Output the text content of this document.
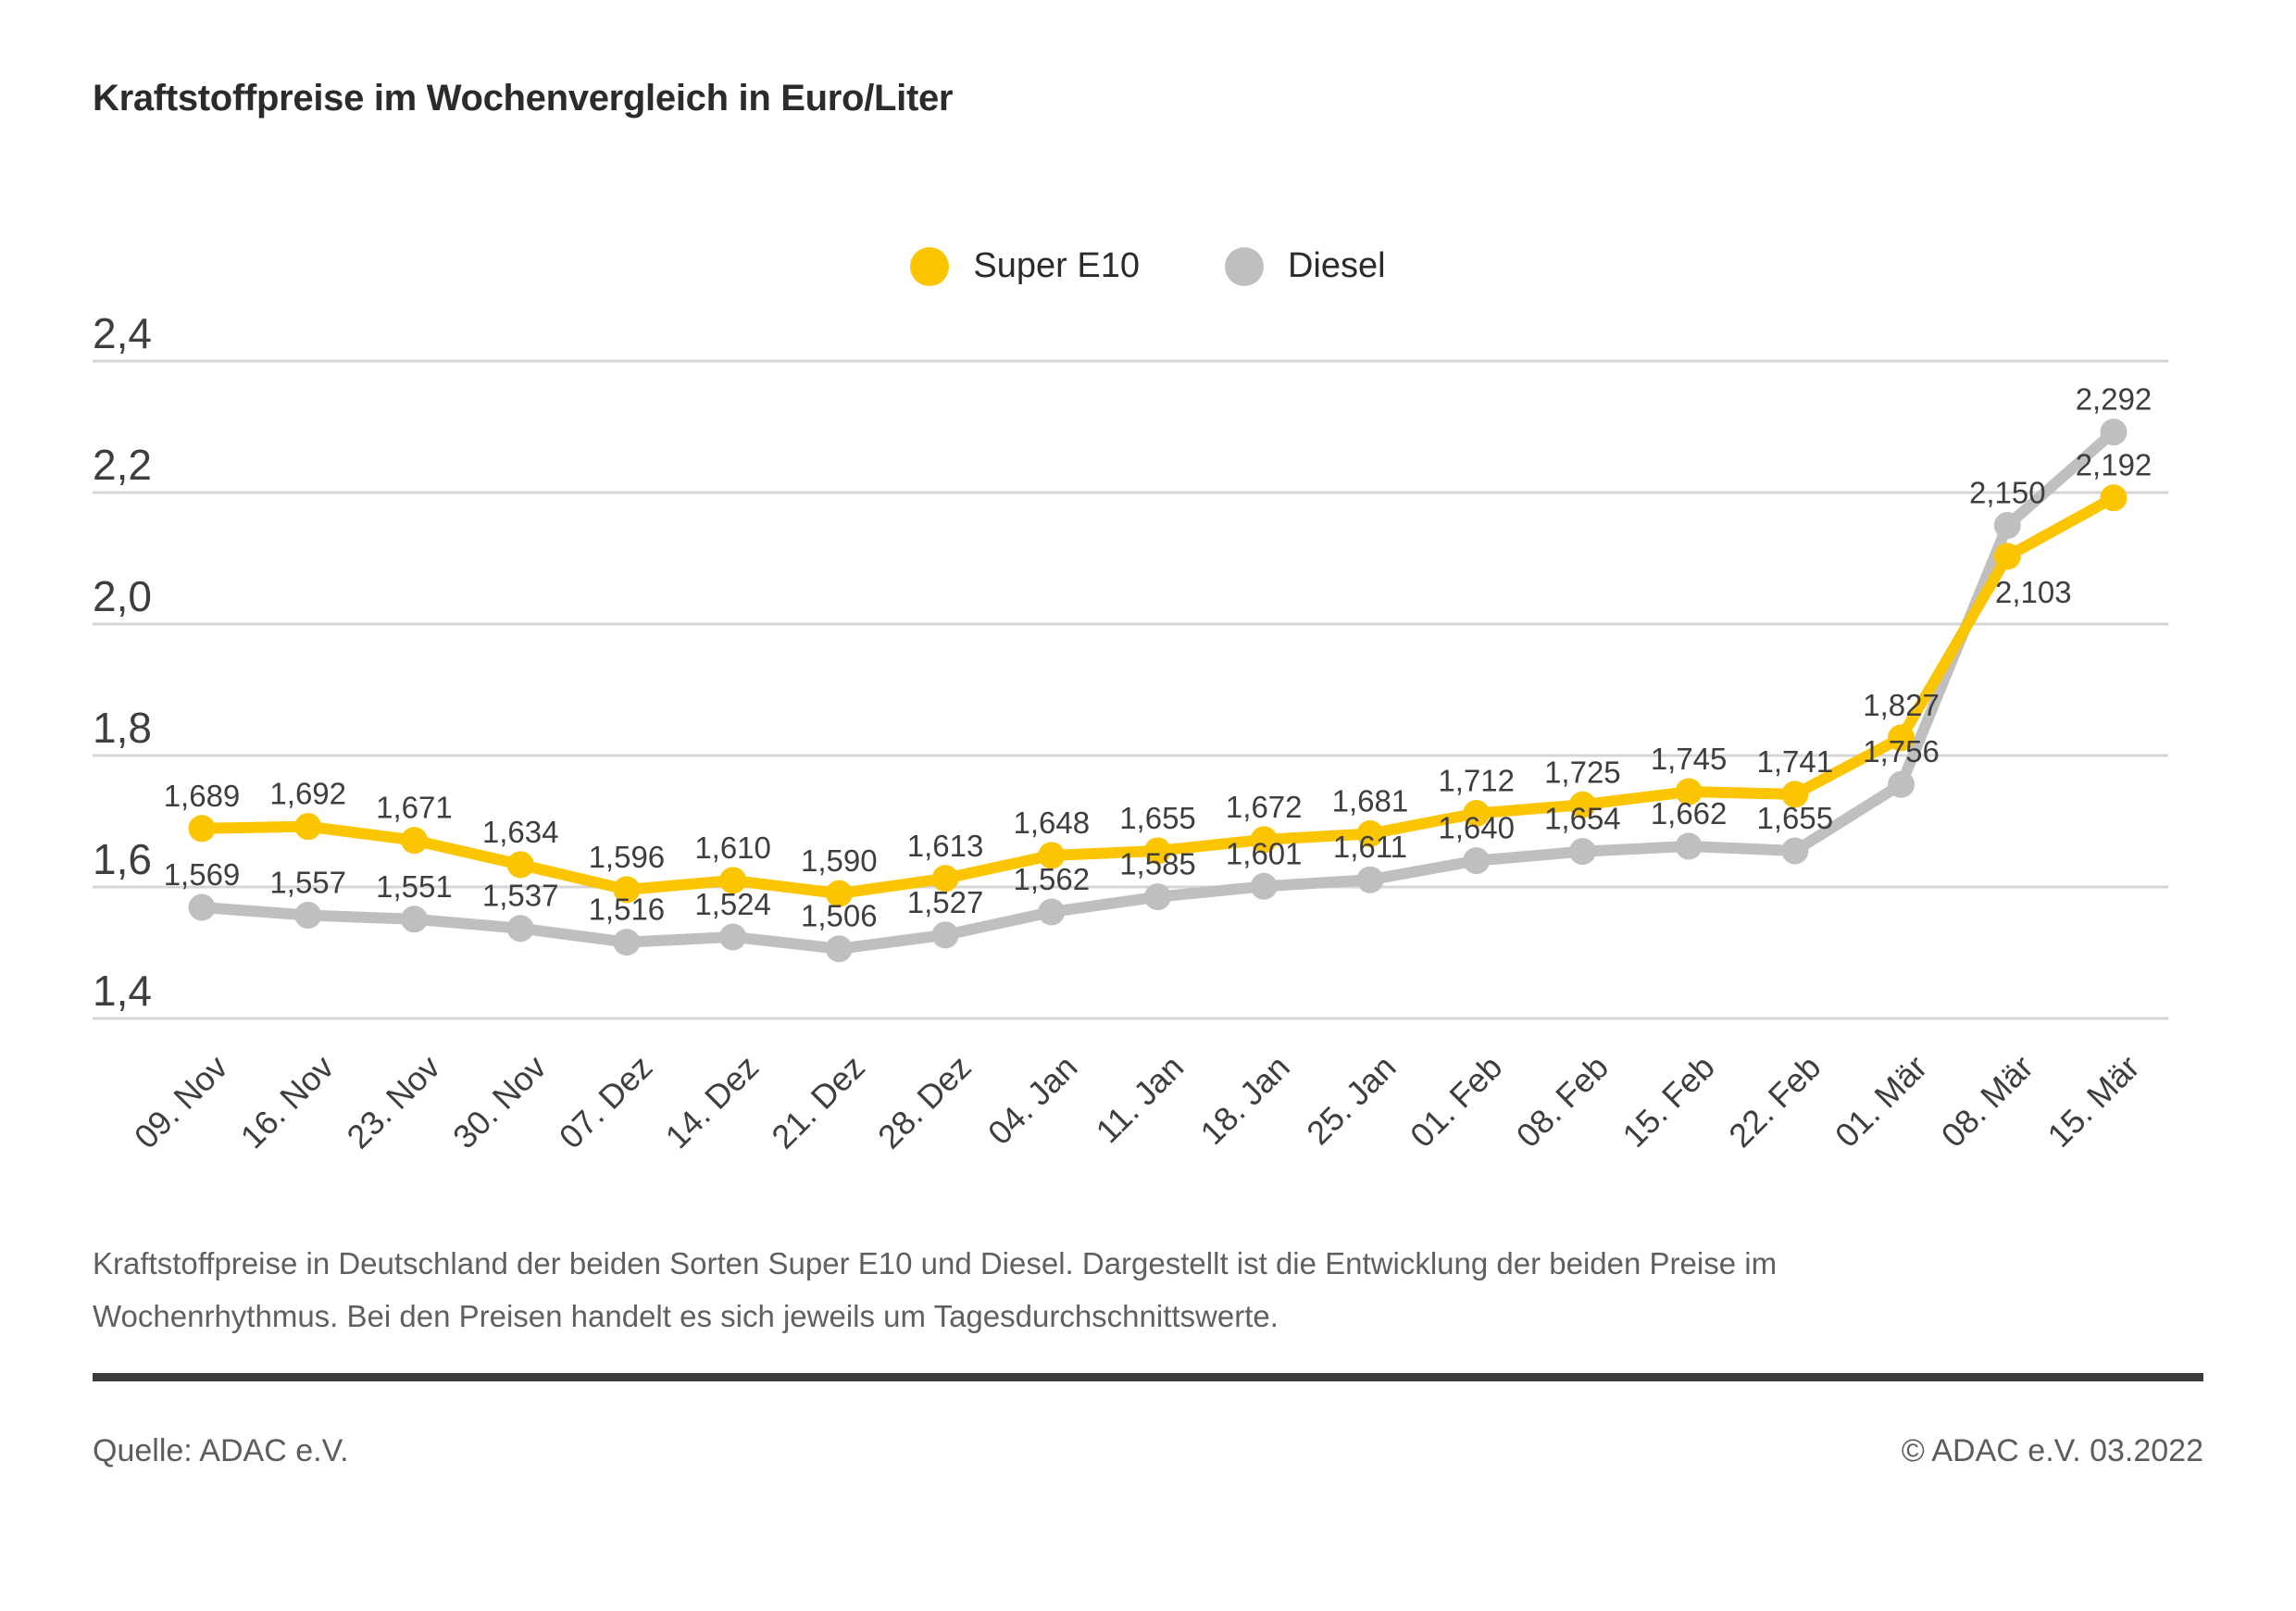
Kraftstoffpreise im Wochenvergleich in Euro/Liter
Super E10	Diesel
2,4
2,2
2,0
1,8
1,6
1,4
09. Nov
16. Nov
23. Nov
30. Nov
07. Dez
14. Dez
21. Dez
28. Dez 04. Jan 11. Jan 18. Jan 25. Jan 01. Feb 08. Feb 15. Feb 22. Feb 01. Mär 08. Mär 15. Mär
1,689 1,692 1,671
1,634
1,596 1,610 1,590 1,613
1,648 1,655 1,672 1,681
1,712 1,725 1,745 1,741
1,827
2,103
2,192
1,569 1,557 1,551 1,537 1,516 1,524 1,506 1,527
1,562 1,585 1,601 1,611
1,640 1,654 1,662 1,655
1,756
2,150
2,292
Kraftstoffpreise in Deutschland der beiden Sorten Super E10 und Diesel. Dargestellt ist die Entwicklung der beiden Preise im
Wochenrhythmus. Bei den Preisen handelt es sich jeweils um Tagesdurchschnittswerte.
Quelle: ADAC e.V.	© ADAC e.V. 03.2022
